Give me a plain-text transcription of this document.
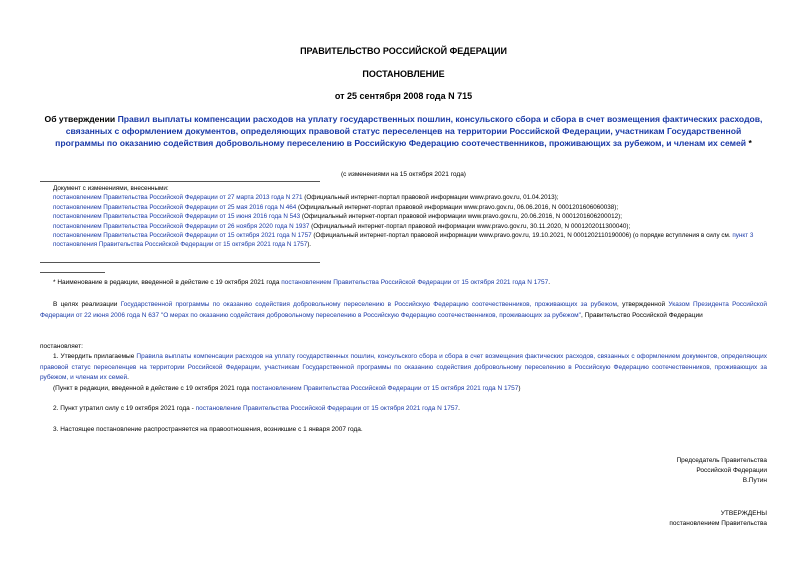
ПРАВИТЕЛЬСТВО РОССИЙСКОЙ ФЕДЕРАЦИИ
ПОСТАНОВЛЕНИЕ
от 25 сентября 2008 года N 715
Об утверждении Правил выплаты компенсации расходов на уплату государственных пошлин, консульского сбора и сбора в счет возмещения фактических расходов, связанных с оформлением документов, определяющих правовой статус переселенцев на территории Российской Федерации, участникам Государственной программы по оказанию содействия добровольному переселению в Российскую Федерацию соотечественников, проживающих за рубежом, и членам их семей *
(с изменениями на 15 октября 2021 года)
Документ с изменениями, внесенными:
постановлением Правительства Российской Федерации от 27 марта 2013 года N 271 (Официальный интернет-портал правовой информации www.pravo.gov.ru, 01.04.2013);
постановлением Правительства Российской Федерации от 25 мая 2016 года N 464 (Официальный интернет-портал правовой информации www.pravo.gov.ru, 06.06.2016, N 0001201606060038);
постановлением Правительства Российской Федерации от 15 июня 2016 года N 543 (Официальный интернет-портал правовой информации www.pravo.gov.ru, 20.06.2016, N 0001201606200012);
постановлением Правительства Российской Федерации от 26 ноября 2020 года N 1937 (Официальный интернет-портал правовой информации www.pravo.gov.ru, 30.11.2020, N 0001202011300040);
постановлением Правительства Российской Федерации от 15 октября 2021 года N 1757 (Официальный интернет-портал правовой информации www.pravo.gov.ru, 19.10.2021, N 0001202110190006) (о порядке вступления в силу см. пункт 3 постановления Правительства Российской Федерации от 15 октября 2021 года N 1757).
* Наименование в редакции, введенной в действие с 19 октября 2021 года постановлением Правительства Российской Федерации от 15 октября 2021 года N 1757.
В целях реализации Государственной программы по оказанию содействия добровольному переселению в Российскую Федерацию соотечественников, проживающих за рубежом, утвержденной Указом Президента Российской Федерации от 22 июня 2006 года N 637 "О мерах по оказанию содействия добровольному переселению в Российскую Федерацию соотечественников, проживающих за рубежом", Правительство Российской Федерации
постановляет:
1. Утвердить прилагаемые Правила выплаты компенсации расходов на уплату государственных пошлин, консульского сбора и сбора в счет возмещения фактических расходов, связанных с оформлением документов, определяющих правовой статус переселенцев на территории Российской Федерации, участникам Государственной программы по оказанию содействия добровольному переселению в Российскую Федерацию соотечественников, проживающих за рубежом, и членам их семей.
(Пункт в редакции, введенной в действие с 19 октября 2021 года постановлением Правительства Российской Федерации от 15 октября 2021 года N 1757)
2. Пункт утратил силу с 19 октября 2021 года - постановление Правительства Российской Федерации от 15 октября 2021 года N 1757.
3. Настоящее постановление распространяется на правоотношения, возникшие с 1 января 2007 года.
Председатель Правительства
Российской Федерации
В.Путин
УТВЕРЖДЕНЫ
постановлением Правительства
